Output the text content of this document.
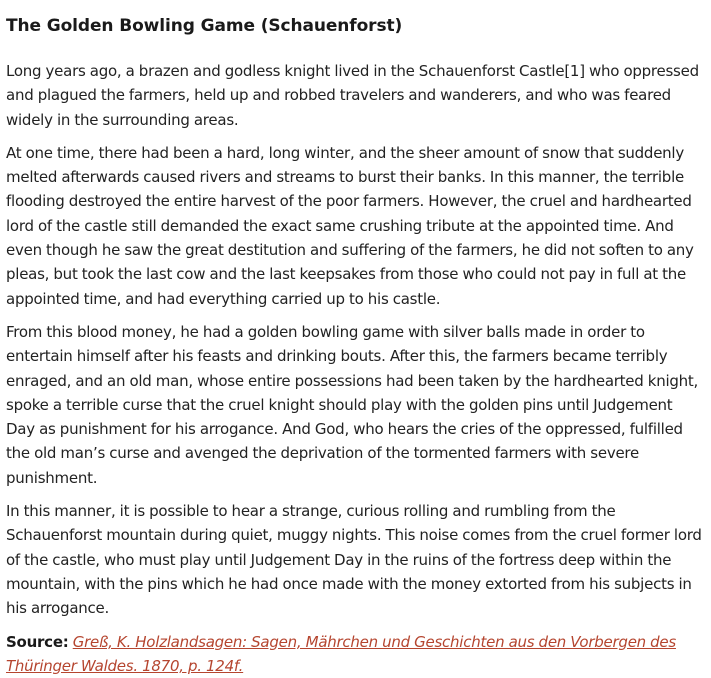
The Golden Bowling Game (Schauenforst)

Long years ago, a brazen and godless knight lived in the Schauenforst Castle[1] who oppressed and plagued the farmers, held up and robbed travelers and wanderers, and who was feared widely in the surrounding areas.

At one time, there had been a hard, long winter, and the sheer amount of snow that suddenly melted afterwards caused rivers and streams to burst their banks. In this manner, the terrible flooding destroyed the entire harvest of the poor farmers. However, the cruel and hardhearted lord of the castle still demanded the exact same crushing tribute at the appointed time. And even though he saw the great destitution and suffering of the farmers, he did not soften to any pleas, but took the last cow and the last keepsakes from those who could not pay in full at the appointed time, and had everything carried up to his castle.

From this blood money, he had a golden bowling game with silver balls made in order to entertain himself after his feasts and drinking bouts. After this, the farmers became terribly enraged, and an old man, whose entire possessions had been taken by the hardhearted knight, spoke a terrible curse that the cruel knight should play with the golden pins until Judgement Day as punishment for his arrogance. And God, who hears the cries of the oppressed, fulfilled the old man’s curse and avenged the deprivation of the tormented farmers with severe punishment.

In this manner, it is possible to hear a strange, curious rolling and rumbling from the Schauenforst mountain during quiet, muggy nights. This noise comes from the cruel former lord of the castle, who must play until Judgement Day in the ruins of the fortress deep within the mountain, with the pins which he had once made with the money extorted from his subjects in his arrogance.

Source: Greß, K. Holzlandsagen: Sagen, Mährchen und Geschichten aus den Vorbergen des Thüringer Waldes. 1870, p. 124f.
